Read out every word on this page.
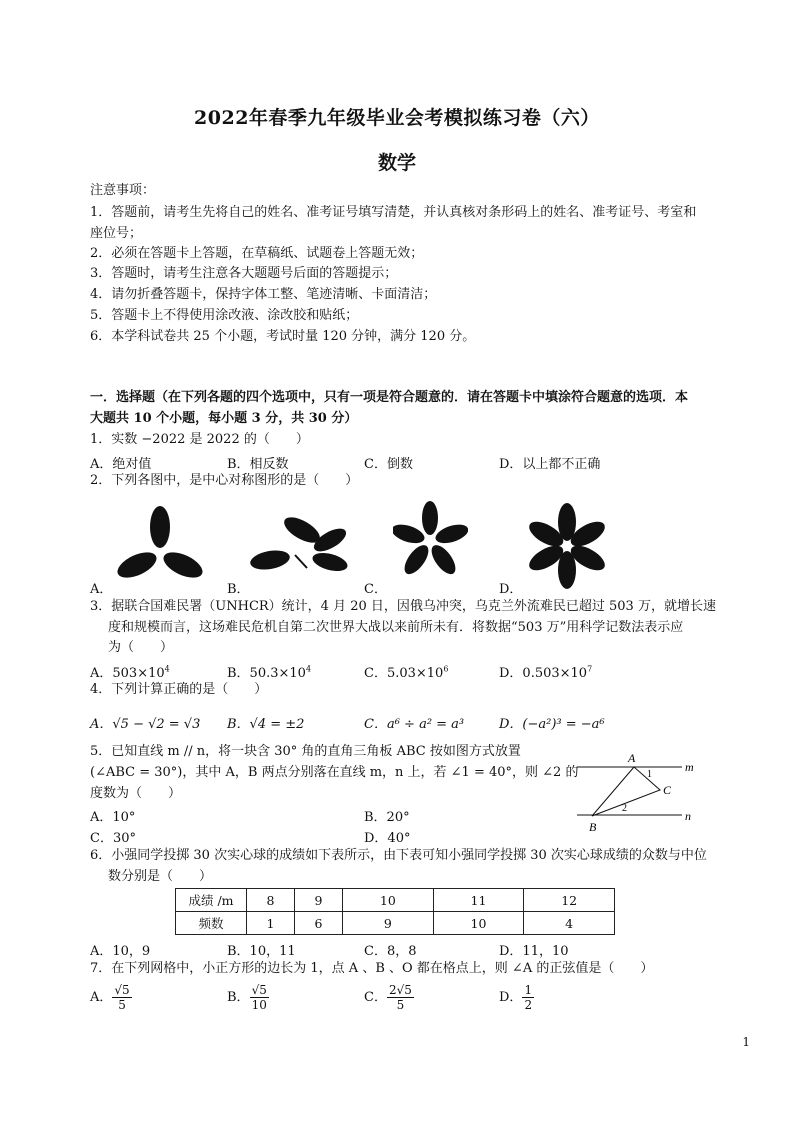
2022年春季九年级毕业会考模拟练习卷（六）
数学
注意事项：
1．答题前，请考生先将自己的姓名、准考证号填写清楚，并认真核对条形码上的姓名、准考证号、考室和
座位号；
2．必须在答题卡上答题，在草稿纸、试题卷上答题无效；
3．答题时，请考生注意各大题题号后面的答题提示；
4．请勿折叠答题卡，保持字体工整、笔迹清晰、卡面清洁；
5．答题卡上不得使用涂改液、涂改胶和贴纸；
6．本学科试卷共 25 个小题，考试时量 120 分钟，满分 120 分。
一．选择题（在下列各题的四个选项中，只有一项是符合题意的．请在答题卡中填涂符合题意的选项．本
大题共 10 个小题，每小题 3 分，共 30 分）
1．实数 −2022 是 2022 的（　　）
A．绝对值	B．相反数	C．倒数	D．以上都不正确
2．下列各图中，是中心对称图形的是（　　）
A．	B．	C．	D．
3．据联合国难民署（UNHCR）统计，4 月 20 日，因俄乌冲突，乌克兰外流难民已超过 503 万，就增长速
度和规模而言，这场难民危机自第二次世界大战以来前所未有．将数据“503 万”用科学记数法表示应
为（　　）
A．$503\times 10^4$	B．$50.3\times 10^4$	C．$5.03\times 10^6$	D．$0.503\times 10^7$
4．下列计算正确的是（　　）
A．√5 − √2 = √3 B．√4 = ±2	C．a⁶ ÷ a² = a³	D．(−a²)³ = −a⁶
5．已知直线 m // n，将一块含 30° 角的直角三角板 ABC 按如图方式放置
(∠ABC = 30°)，其中 A，B 两点分别落在直线 m，n 上，若 ∠1 = 40°，则 ∠2 的
度数为（　　）
A．10°	B．20°
C．30°	D．40°
A
B
C
m
n
1
2
6．小强同学投掷 30 次实心球的成绩如下表所示，由下表可知小强同学投掷 30 次实心球成绩的众数与中位
数分别是（　　）
成绩 /m	8	9	10	11	12
频数	1	6	9	10	4
A．10，9	B．10，11	C．8，8	D．11，10
7．在下列网格中，小正方形的边长为 1，点 A 、B 、O 都在格点上，则 ∠A 的正弦值是（　　）
A． $\frac{√5}{5}$	B． $\frac{√5}{10}$	C． $\frac{2√5}{5}$	D． $\frac{1}{2}$
1
